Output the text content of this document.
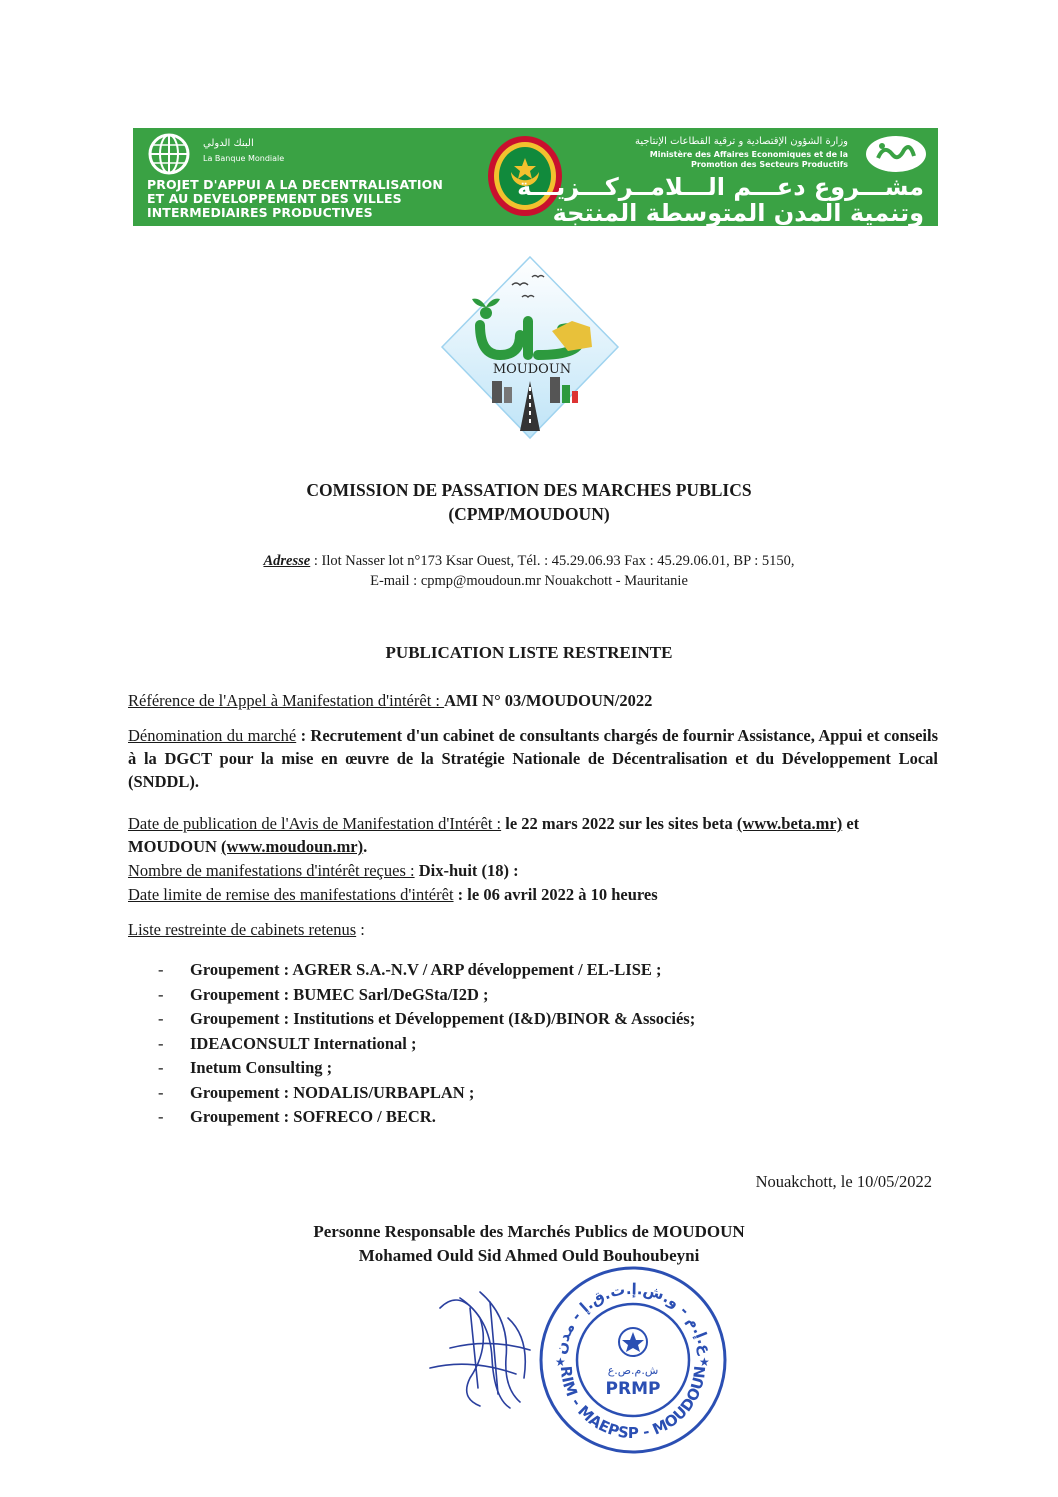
البنك الدولي
La Banque Mondiale
PROJET D'APPUI A LA DECENTRALISATION
ET AU DEVELOPPEMENT DES VILLES
INTERMEDIAIRES PRODUCTIVES
وزارة الشؤون الإقتصادية و ترقية القطاعات الإنتاجية
Ministère des Affaires Economiques et de la
Promotion des Secteurs Productifs
مشـــروع دعـــم الـــلامــركـــزيـــة
وتنمية المدن المتوسطة المنتجة
MOUDOUN
COMISSION DE PASSATION DES MARCHES PUBLICS
(CPMP/MOUDOUN)
Adresse : Ilot Nasser lot n°173 Ksar Ouest, Tél. : 45.29.06.93 Fax : 45.29.06.01, BP : 5150,
E-mail : cpmp@moudoun.mr Nouakchott - Mauritanie
PUBLICATION LISTE RESTREINTE
Référence de l'Appel à Manifestation d'intérêt : AMI N° 03/MOUDOUN/2022
Dénomination du marché : Recrutement d'un cabinet de consultants chargés de fournir Assistance, Appui et conseils à la DGCT pour la mise en œuvre de la Stratégie Nationale de Décentralisation et du Développement Local (SNDDL).
Date de publication de l'Avis de Manifestation d'Intérêt : le 22 mars 2022 sur les sites beta (www.beta.mr) et MOUDOUN (www.moudoun.mr).
Nombre de manifestations d'intérêt reçues : Dix-huit (18) :
Date limite de remise des manifestations d'intérêt : le 06 avril 2022 à 10 heures
Liste restreinte de cabinets retenus :
-	Groupement : AGRER S.A.-N.V / ARP développement / EL-LISE ;
-	Groupement : BUMEC Sarl/DeGSta/I2D ;
-	Groupement : Institutions et Développement (I&D)/BINOR & Associés;
-	IDEACONSULT International ;
-	Inetum Consulting ;
-	Groupement : NODALIS/URBAPLAN ;
-	Groupement : SOFRECO / BECR.
Nouakchott, le 10/05/2022
Personne Responsable des Marchés Publics de MOUDOUN
Mohamed Ould Sid Ahmed Ould Bouhoubeyni
ع.إ.م - و.ش.إ.ت.ق.إ - مدن
RIM - MAEPSP - MOUDOUN
ش.م.ص.ع
PRMP
★	★
